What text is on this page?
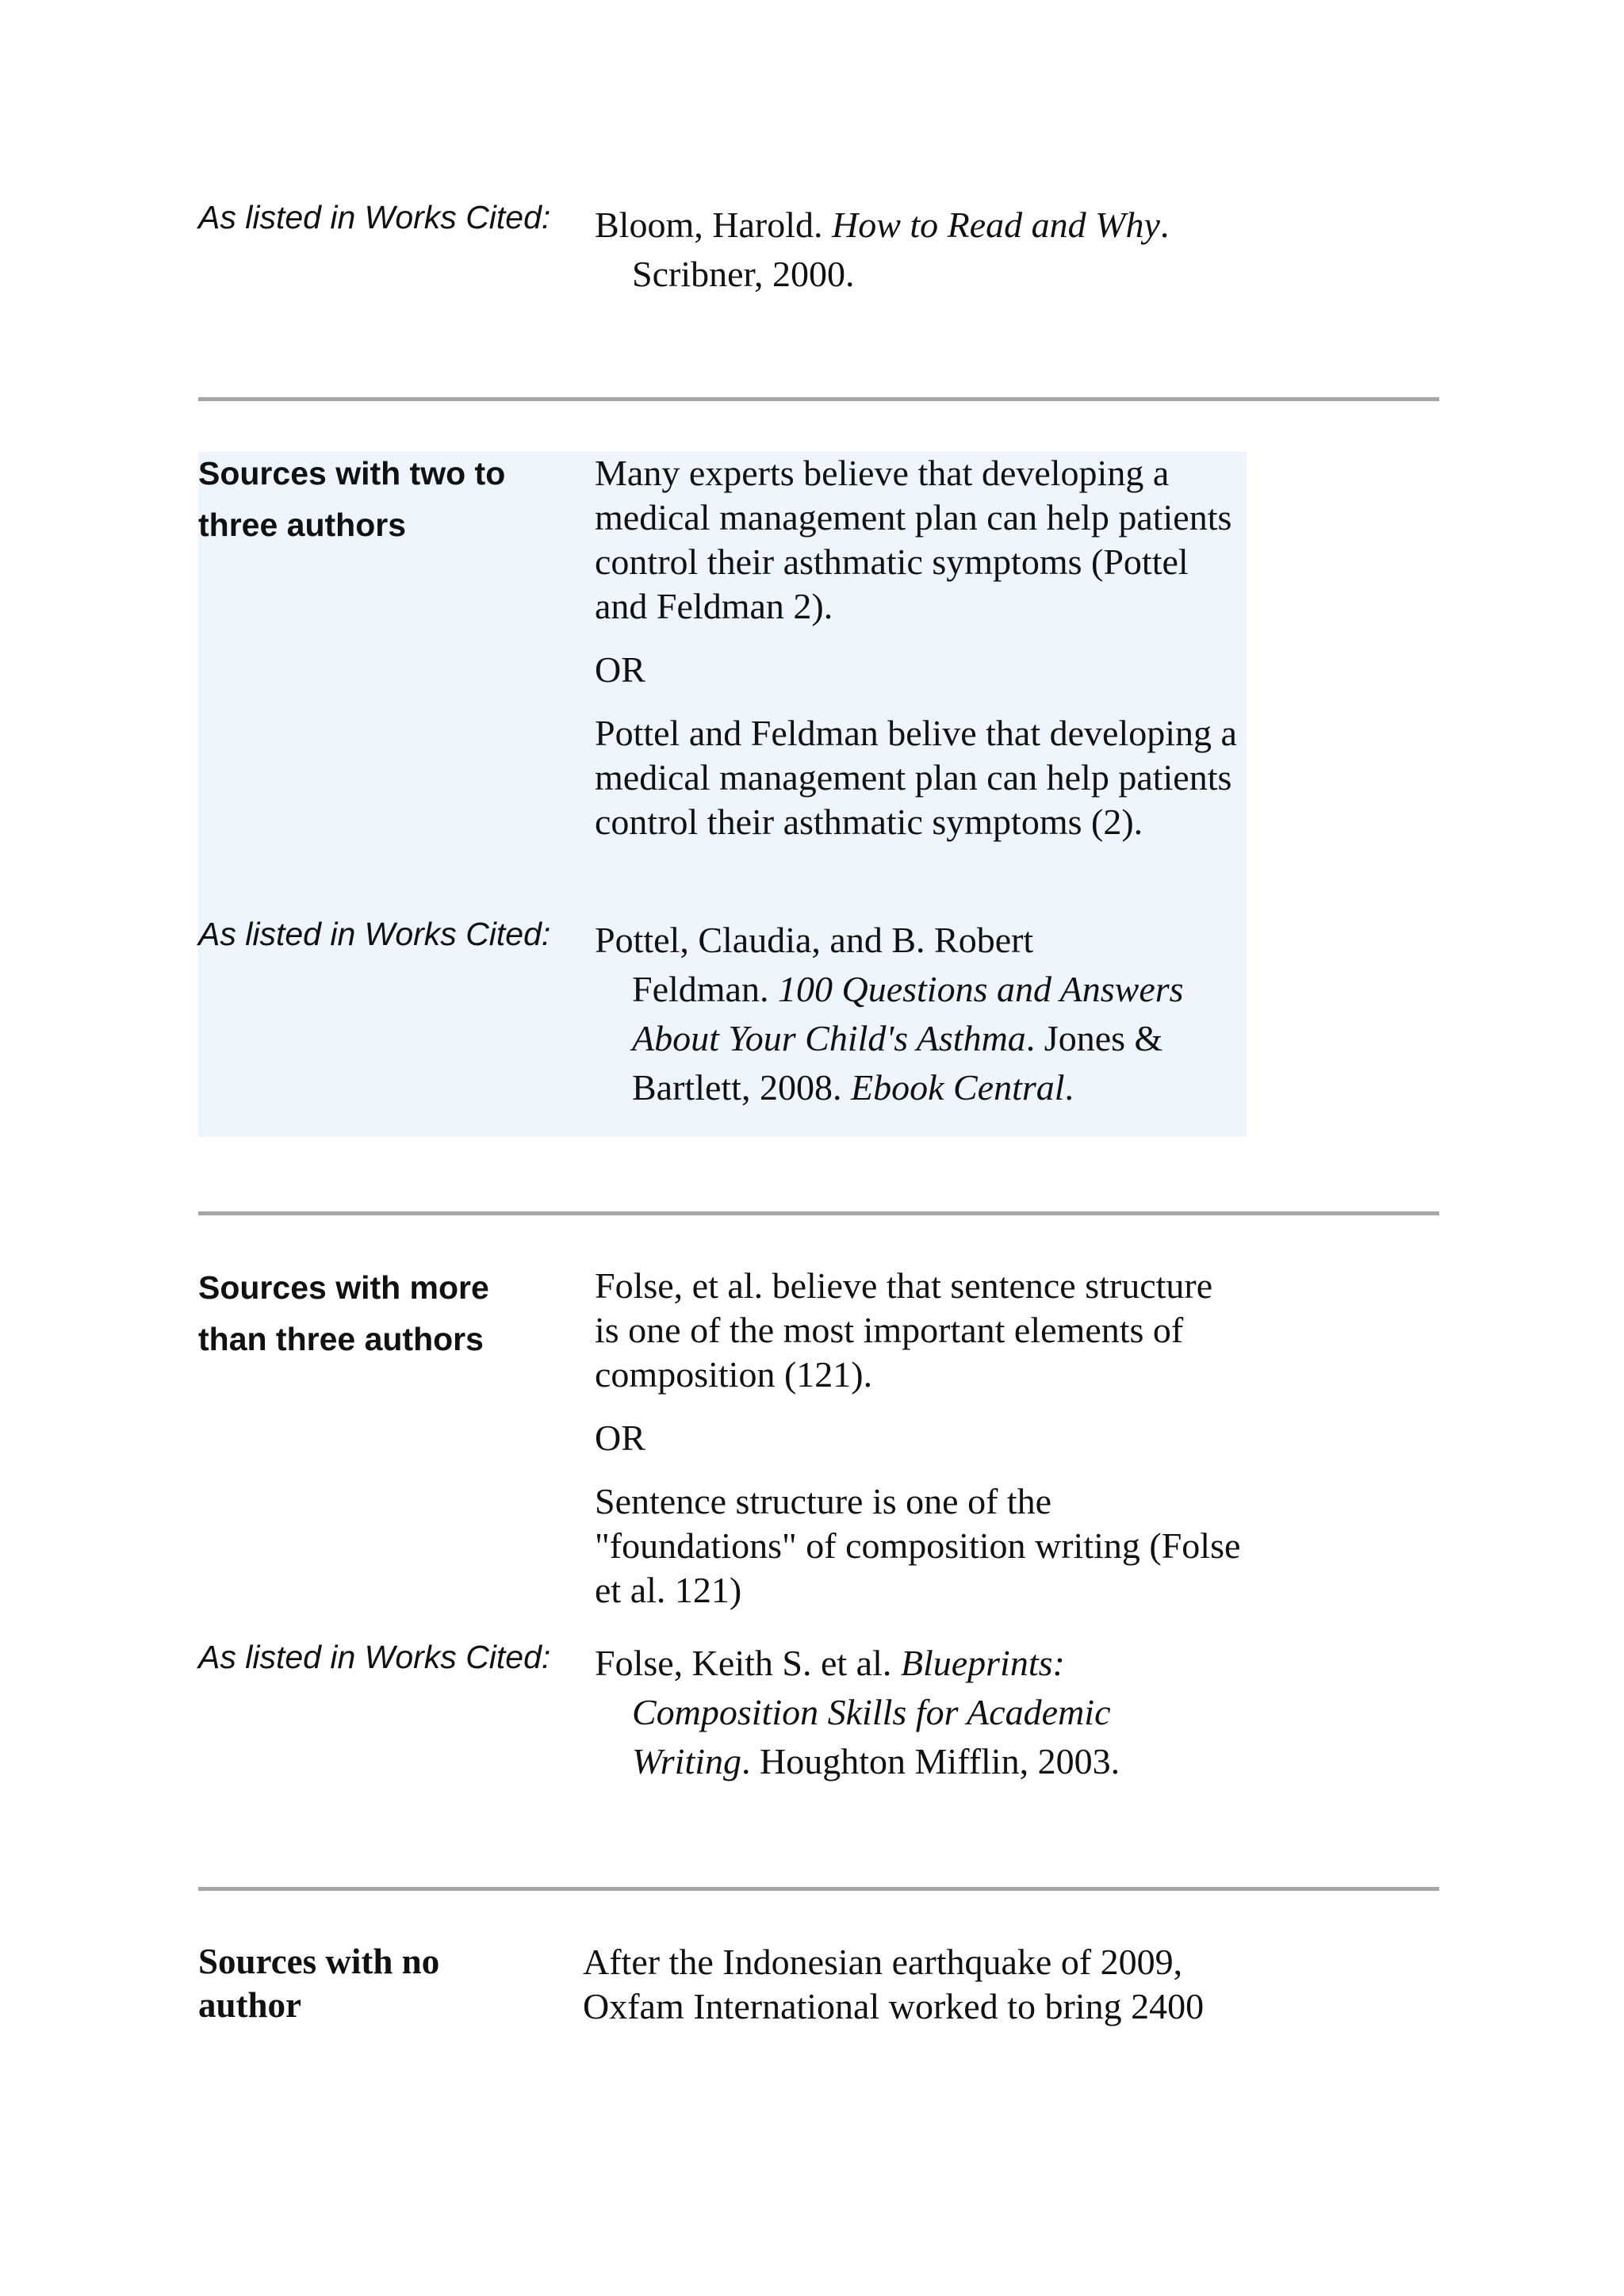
As listed in Works Cited: Bloom, Harold. How to Read and Why.
Scribner, 2000.
Sources with two to
three authors

Many experts believe that developing a medical management plan can help patients control their asthmatic symptoms (Pottel and Feldman 2).

OR

Pottel and Feldman belive that developing a medical management plan can help patients control their asthmatic symptoms (2).

As listed in Works Cited: Pottel, Claudia, and B. Robert
Feldman. 100 Questions and Answers
About Your Child's Asthma. Jones &
Bartlett, 2008. Ebook Central.
Sources with more
than three authors

Folse, et al. believe that sentence structure is one of the most important elements of composition (121).

OR

Sentence structure is one of the "foundations" of composition writing (Folse et al. 121)

As listed in Works Cited: Folse, Keith S. et al. Blueprints:
Composition Skills for Academic
Writing. Houghton Mifflin, 2003.
Sources with no
author

After the Indonesian earthquake of 2009,

Oxfam International worked to bring 2400
